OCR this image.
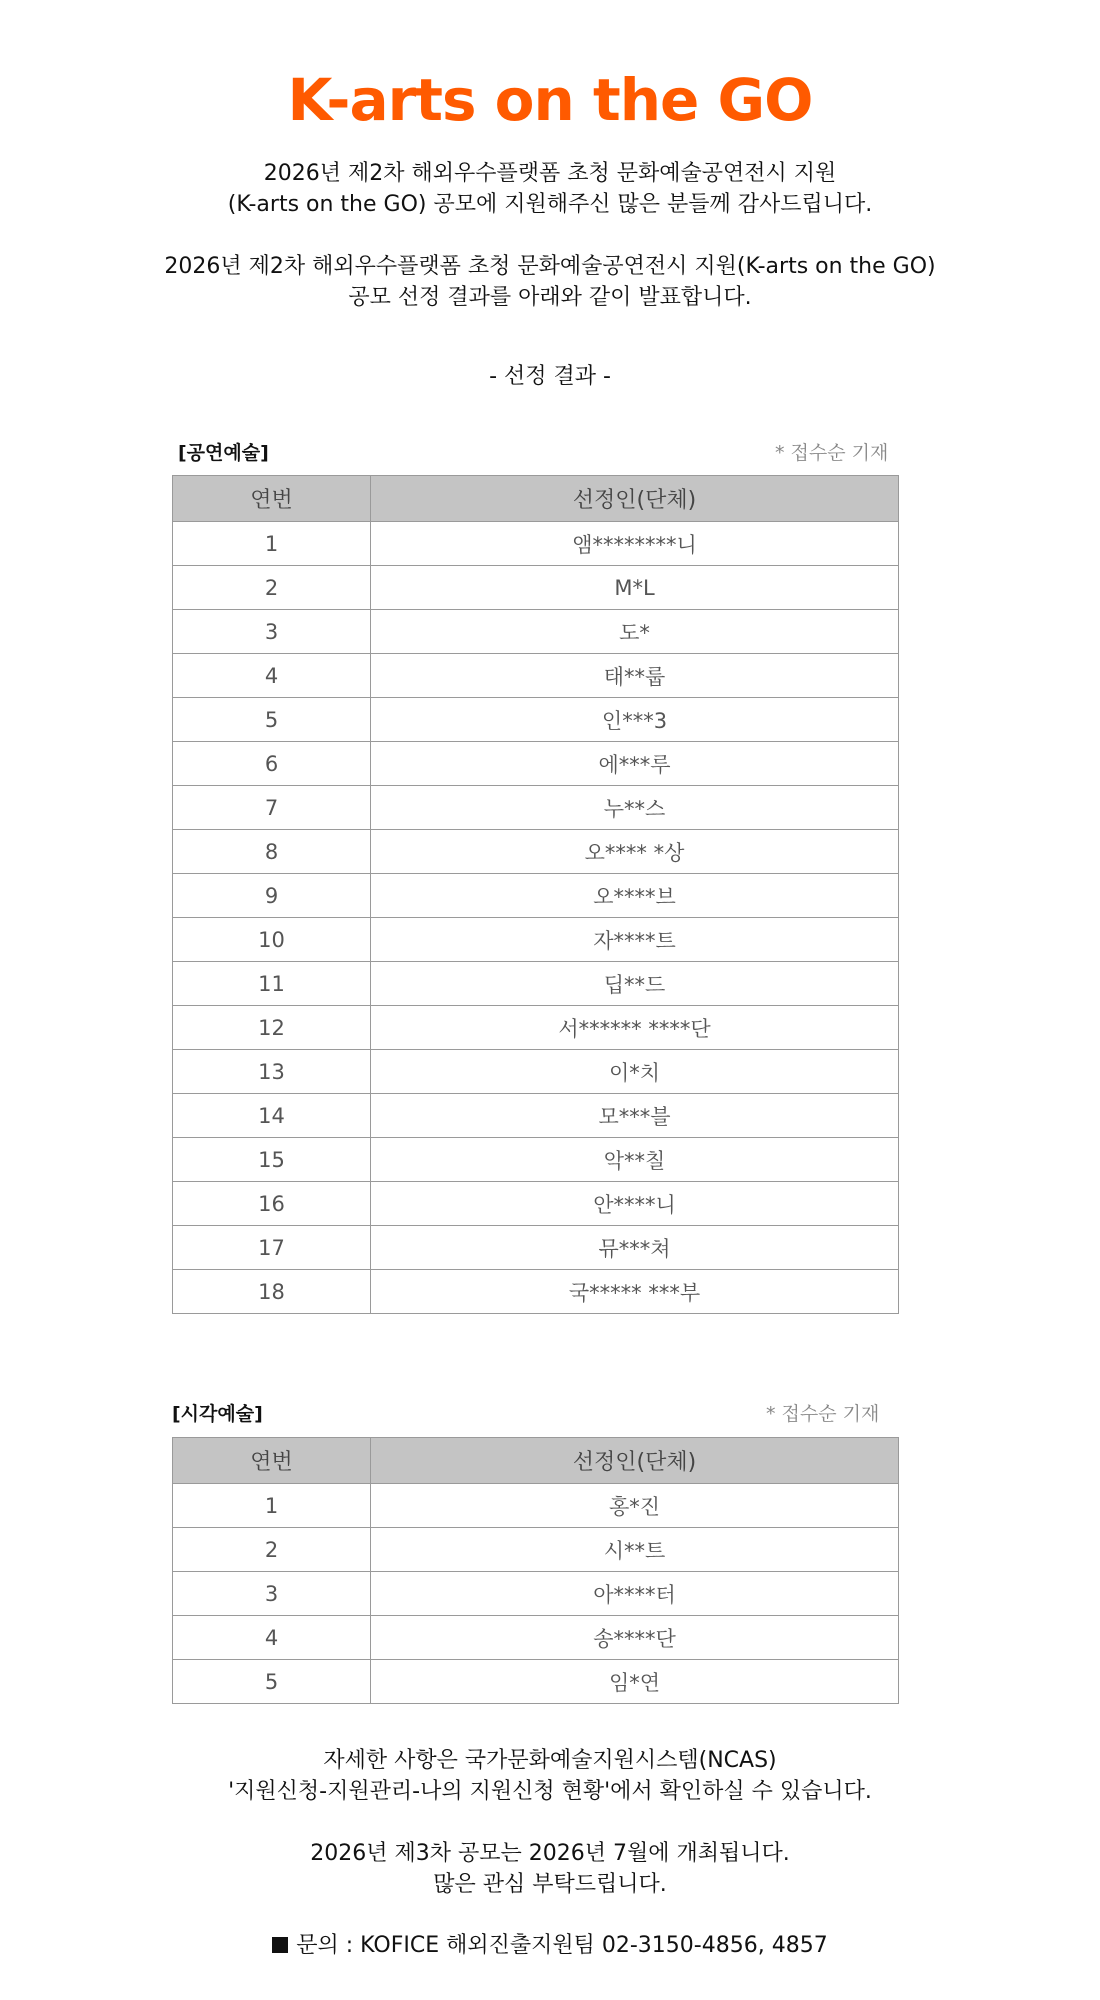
K-arts on the GO

2026년 제2차 해외우수플랫폼 초청 문화예술공연전시 지원

(K-arts on the GO) 공모에 지원해주신 많은 분들께 감사드립니다.

2026년 제2차 해외우수플랫폼 초청 문화예술공연전시 지원(K-arts on the GO)

공모 선정 결과를 아래와 같이 발표합니다.

- 선정 결과 -
[공연예술]	* 접수순 기재
연번	선정인(단체)
1	앰********니
2	M*L
3	도*
4	태**룹
5	인***3
6	에***루
7	누**스
8	오**** *상
9	오****브
10	자****트
11	딥**드
12	서****** ****단
13	이*치
14	모***블
15	악**칠
16	안****니
17	뮤***쳐
18	국***** ***부
[시각예술]	* 접수순 기재
연번	선정인(단체)
1	홍*진
2	시**트
3	아****터
4	송****단
5	임*연

자세한 사항은 국가문화예술지원시스템(NCAS)

'지원신청-지원관리-나의 지원신청 현황'에서 확인하실 수 있습니다.

2026년 제3차 공모는 2026년 7월에 개최됩니다.

많은 관심 부탁드립니다.

문의 : KOFICE 해외진출지원팀 02-3150-4856, 4857
